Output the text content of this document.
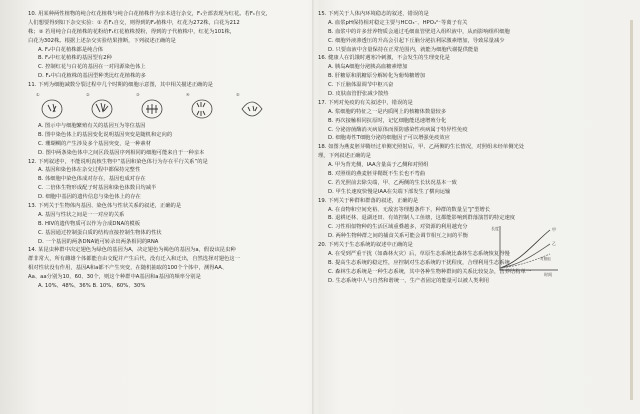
10. 用某种两性植物的纯合红花植株与纯合白花植株作为亲本进行杂交，F₁全部表现为红花。若F₁自交，
人们想要得到如下杂交实验：① 若F₁自交，则得到的F₂植株中，红花为272株，白花为212
株；② 若用纯合白花植株的花粉给F₁红花植株授粉，得到的子代植株中，红花为101株，
白花为302株。根据上述杂交实验结果推断，下列叙述正确的是
A. F₂中白花植株都是纯合体
B. F₂中红花植株的基因型有2种
C. 控制红花与白花的基因在一对同源染色体上
D. F₂中白花植株的基因型种类比红花植株的多
11. 下列为细胞减数分裂过程中几个时期的细胞示意图，其中相关描述正确的是
①	②	③	④	⑤
A. 图示中与细胞繁殖有关的基因互为等位基因
B. 图中染色体上的基因变化说明基因突变是随机和定向的
C. 珊瑚鲷的产生涉及多个基因突变，是一种素材
D. 图中两条染色体中之间区段基因序列相同的细胞可能来自于一种亲本
12. 下列叙述中，不能说明真核生物中“基因和染色体行为存在平行关系”的是
A. 基因和染色体在杂交过程中都保持完整性
B. 体细胞中染色体成对存在，基因也成对存在
C. 二倍体生物形成配子时基因和染色体数目均减半
D. 细胞中基因的遗传信息与染色体上的存在
13. 下列关于生物体内基因、染色体与性状关系的叙述，正确的是
A. 基因与性状之间是一一对应的关系
B. HIV的遗传物质可以作为合成DNA的模板
C. 基因通过控制蛋白质的结构直接控制生物体的性状
D. 一个基因的两条DNA链可转录出两条相同的RNA
14. 某昆虫种群中决定翅色为绿色的基因为A，决定翅色为褐色的基因为a，假设该昆虫种
群非常大，所有雌雄个体都能自由交配并产生后代，没有迁入和迁出，自然选择对翅色这一
相对性状没有作用，基因A和a都不产生突变，在随机抽取的100个个体中，测得AA、
Aa、aa分别为10、60、30个，则这个种群中A基因和a基因的频率分别是
A. 10%、48%、36% B. 10%、60%、30%
15. 下列关于人体内环境稳态的叙述，错误的是
A. 血浆pH保持相对稳定主要与HCO₃⁻、HPO₄²⁻等离子有关
B. 血浆中的许多营养物质会通过毛细血管壁进入组织液中，从而影响组织细胞
C. 细胞外液渗透压的升高会引起下丘脑分泌抗利尿激素增加，导致尿量减少
D. 只要血液中含量保持在正常范围内，就能为细胞代谢提供能量
16. 健康人在饥饿时遇寒冷刺激，不会发生的生理变化是
A. 胰岛A细胞分泌胰高血糖素增加
B. 肝糖原和肌糖原分解转化为葡萄糖增加
C. 下丘脑体温调节中枢兴奋
D. 皮肤血管舒张减少散热
17. 下列对免疫的有关叙述中，错误的是
A. 浆细胞的特征之一是内质网上的核糖体数量较多
B. 再次接触相同抗原时，记忆细胞能迅速增殖分化
C. 分泌溶菌酶消灭病原体而预防感染性疾病属于特异性免疫
D. 细胞毒性T细胞分泌的细胞因子可以增强免疫效应
18. 如图为燕麦胚芽鞘经过单侧光照射后，甲、乙两侧的生长情况，对照组未经单侧光处
理，下列叙述正确的是
A. 甲为背光侧，IAA含量高于乙侧和对照组
B. 对照组的燕麦胚芽鞘既不生长也不弯曲
C. 若光照前去除尖端，甲、乙两侧的生长状况基本一致
D. 甲生长速度快慢是IAA在尖端下部发生了横向运输
19. 下列关于种群和群落的叙述，正确的是
A. 在食物和空间充裕、无敌害等理想条件下，种群的数量呈“J”型增长
B. 退耕还林、退湖还田、有效控制人工鱼塘，这都能影响到群落演替的特定速度
C. 习性相似物种的生活区域重叠越多，对资源的利用越充分
D. 两种生物种群之间的捕食关系可能会调节相互之间的平衡
20. 下列关于生态系统的叙述中正确的是
A. 在受到严重干扰（如森林火灾）后，草原生态系统比森林生态系统恢复得慢
B. 提高生态系统的稳定性，应控制对生态系统的干扰程度，合理利用生态系统
C. 森林生态系统是一种生态系统，其中各种生物种群间的关系比较复杂，营养结构单一
D. 生态系统中人与自然和谐统一，生产者固定的能量可以被人类利用
长度
时间
甲
乙
对照组
